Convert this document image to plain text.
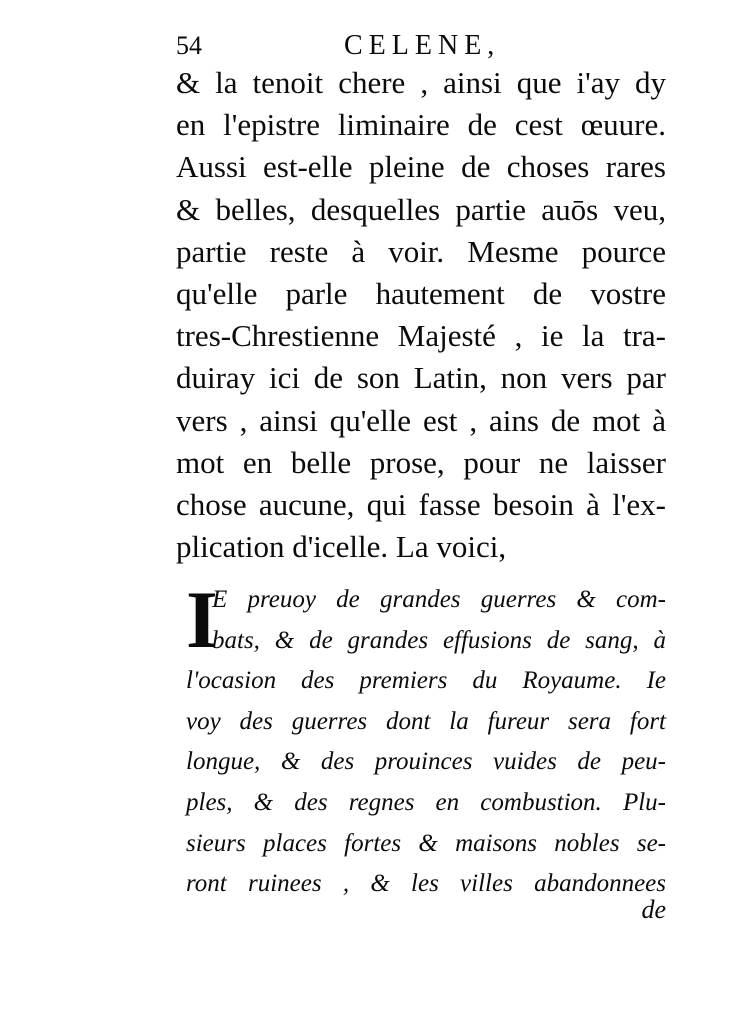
54	CELENE,
& la tenoit chere , ainsi que i'ay dy
en l'epistre liminaire de cest œuure.
Aussi est-elle pleine de choses rares
& belles, desquelles partie auōs veu,
partie reste à voir. Mesme pource
qu'elle parle hautement de vostre
tres-Chrestienne Majesté , ie la tra-
duiray ici de son Latin, non vers par
vers , ainsi qu'elle est , ains de mot à
mot en belle prose, pour ne laisser
chose aucune, qui fasse besoin à l'ex-
plication d'icelle. La voici,
I
E preuoy de grandes guerres & com-
bats, & de grandes effusions de sang, à
l'ocasion des premiers du Royaume. Ie
voy des guerres dont la fureur sera fort
longue, & des prouinces vuides de peu-
ples, & des regnes en combustion. Plu-
sieurs places fortes & maisons nobles se-
ront ruinees , & les villes abandonnees
de
